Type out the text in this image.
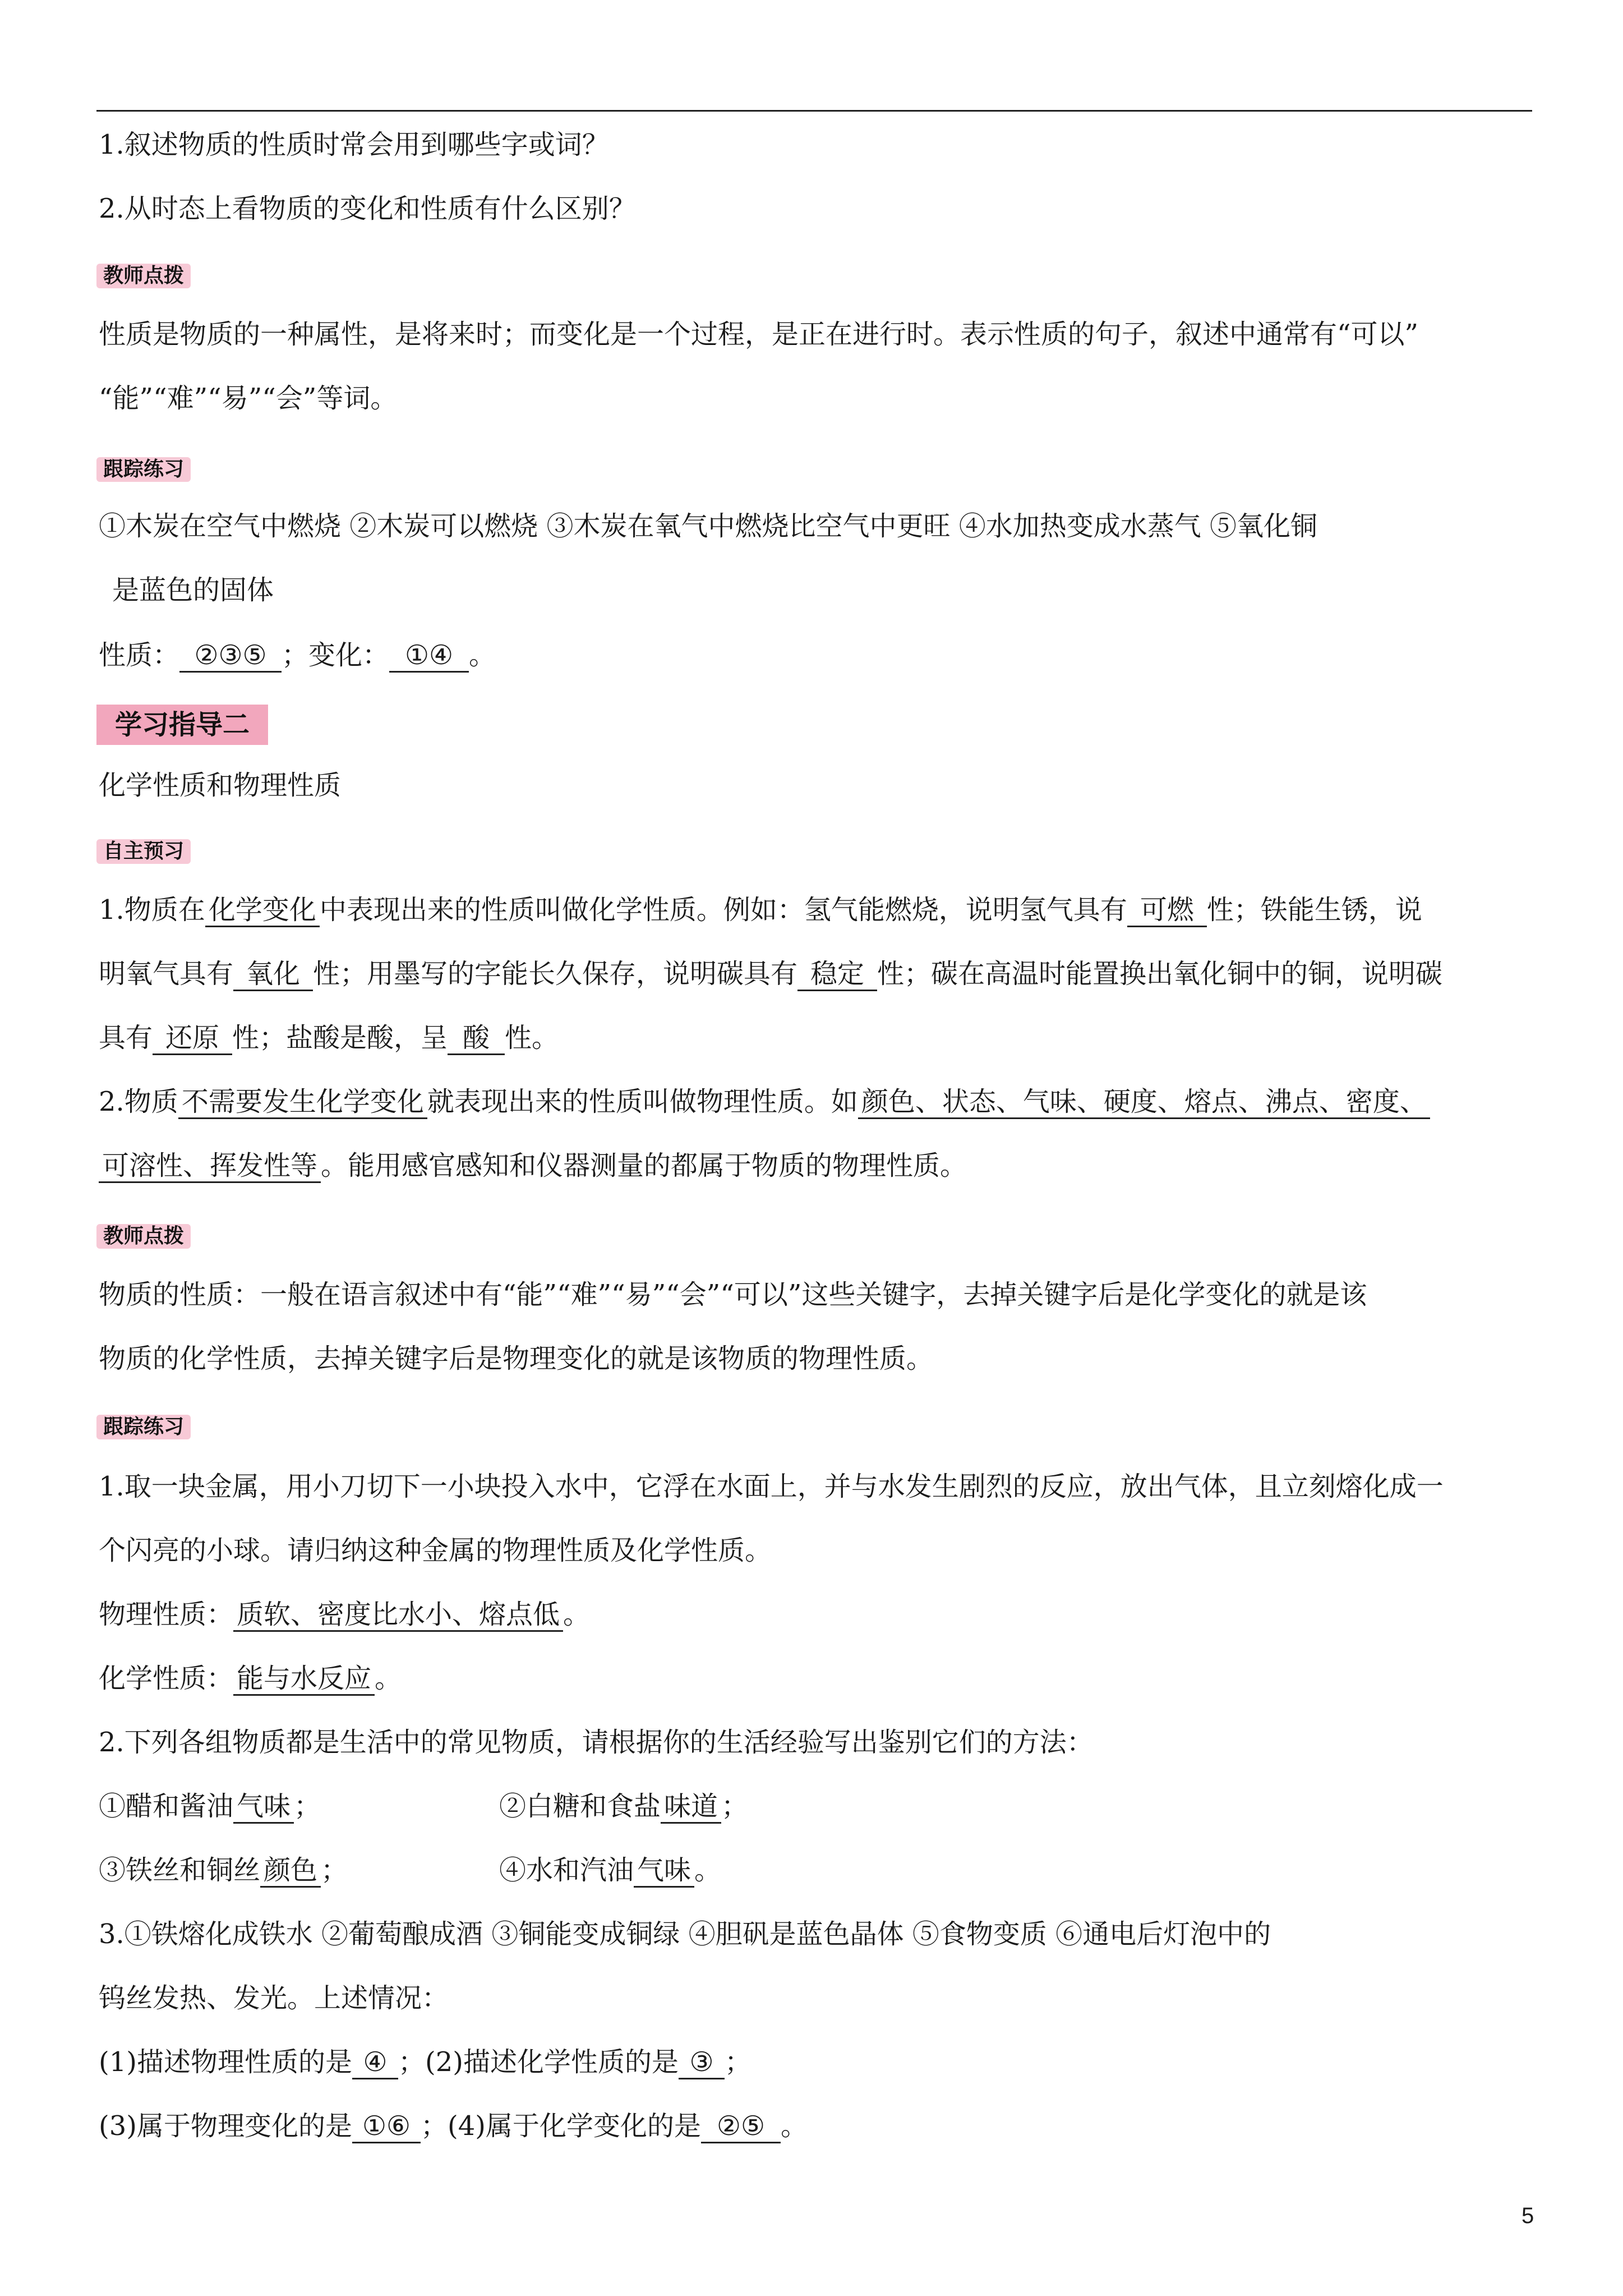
1.叙述物质的性质时常会用到哪些字或词？
2.从时态上看物质的变化和性质有什么区别？
教师点拨
性质是物质的一种属性，是将来时；而变化是一个过程，是正在进行时。表示性质的句子，叙述中通常有“可以”
“能”“难”“易”“会”等词。
跟踪练习
①木炭在空气中燃烧 ②木炭可以燃烧 ③木炭在氧气中燃烧比空气中更旺 ④水加热变成水蒸气 ⑤氧化铜
是蓝色的固体
性质： ②③⑤ ；变化： ①④ 。
学习指导二
化学性质和物理性质
自主预习
1.物质在 化学变化 中表现出来的性质叫做化学性质。例如：氢气能燃烧，说明氢气具有 可燃 性；铁能生锈，说
明氧气具有 氧化 性；用墨写的字能长久保存，说明碳具有 稳定 性；碳在高温时能置换出氧化铜中的铜，说明碳
具有 还原 性；盐酸是酸，呈 酸 性。
2.物质 不需要发生化学变化 就表现出来的性质叫做物理性质。如 颜色、状态、气味、硬度、熔点、沸点、密度、
可溶性、挥发性等 。能用感官感知和仪器测量的都属于物质的物理性质。
教师点拨
物质的性质：一般在语言叙述中有“能”“难”“易”“会”“可以”这些关键字，去掉关键字后是化学变化的就是该
物质的化学性质，去掉关键字后是物理变化的就是该物质的物理性质。
跟踪练习
1.取一块金属，用小刀切下一小块投入水中，它浮在水面上，并与水发生剧烈的反应，放出气体，且立刻熔化成一
个闪亮的小球。请归纳这种金属的物理性质及化学性质。
物理性质： 质软、密度比水小、熔点低 。
化学性质： 能与水反应 。
2.下列各组物质都是生活中的常见物质，请根据你的生活经验写出鉴别它们的方法：
①醋和酱油 气味 ；	②白糖和食盐 味道 ；
③铁丝和铜丝 颜色 ；	④水和汽油 气味 。
3.①铁熔化成铁水 ②葡萄酿成酒 ③铜能变成铜绿 ④胆矾是蓝色晶体 ⑤食物变质 ⑥通电后灯泡中的
钨丝发热、发光。上述情况：
(1)描述物理性质的是 ④ ；(2)描述化学性质的是 ③ ；
(3)属于物理变化的是 ①⑥ ；(4)属于化学变化的是 ②⑤ 。
5
